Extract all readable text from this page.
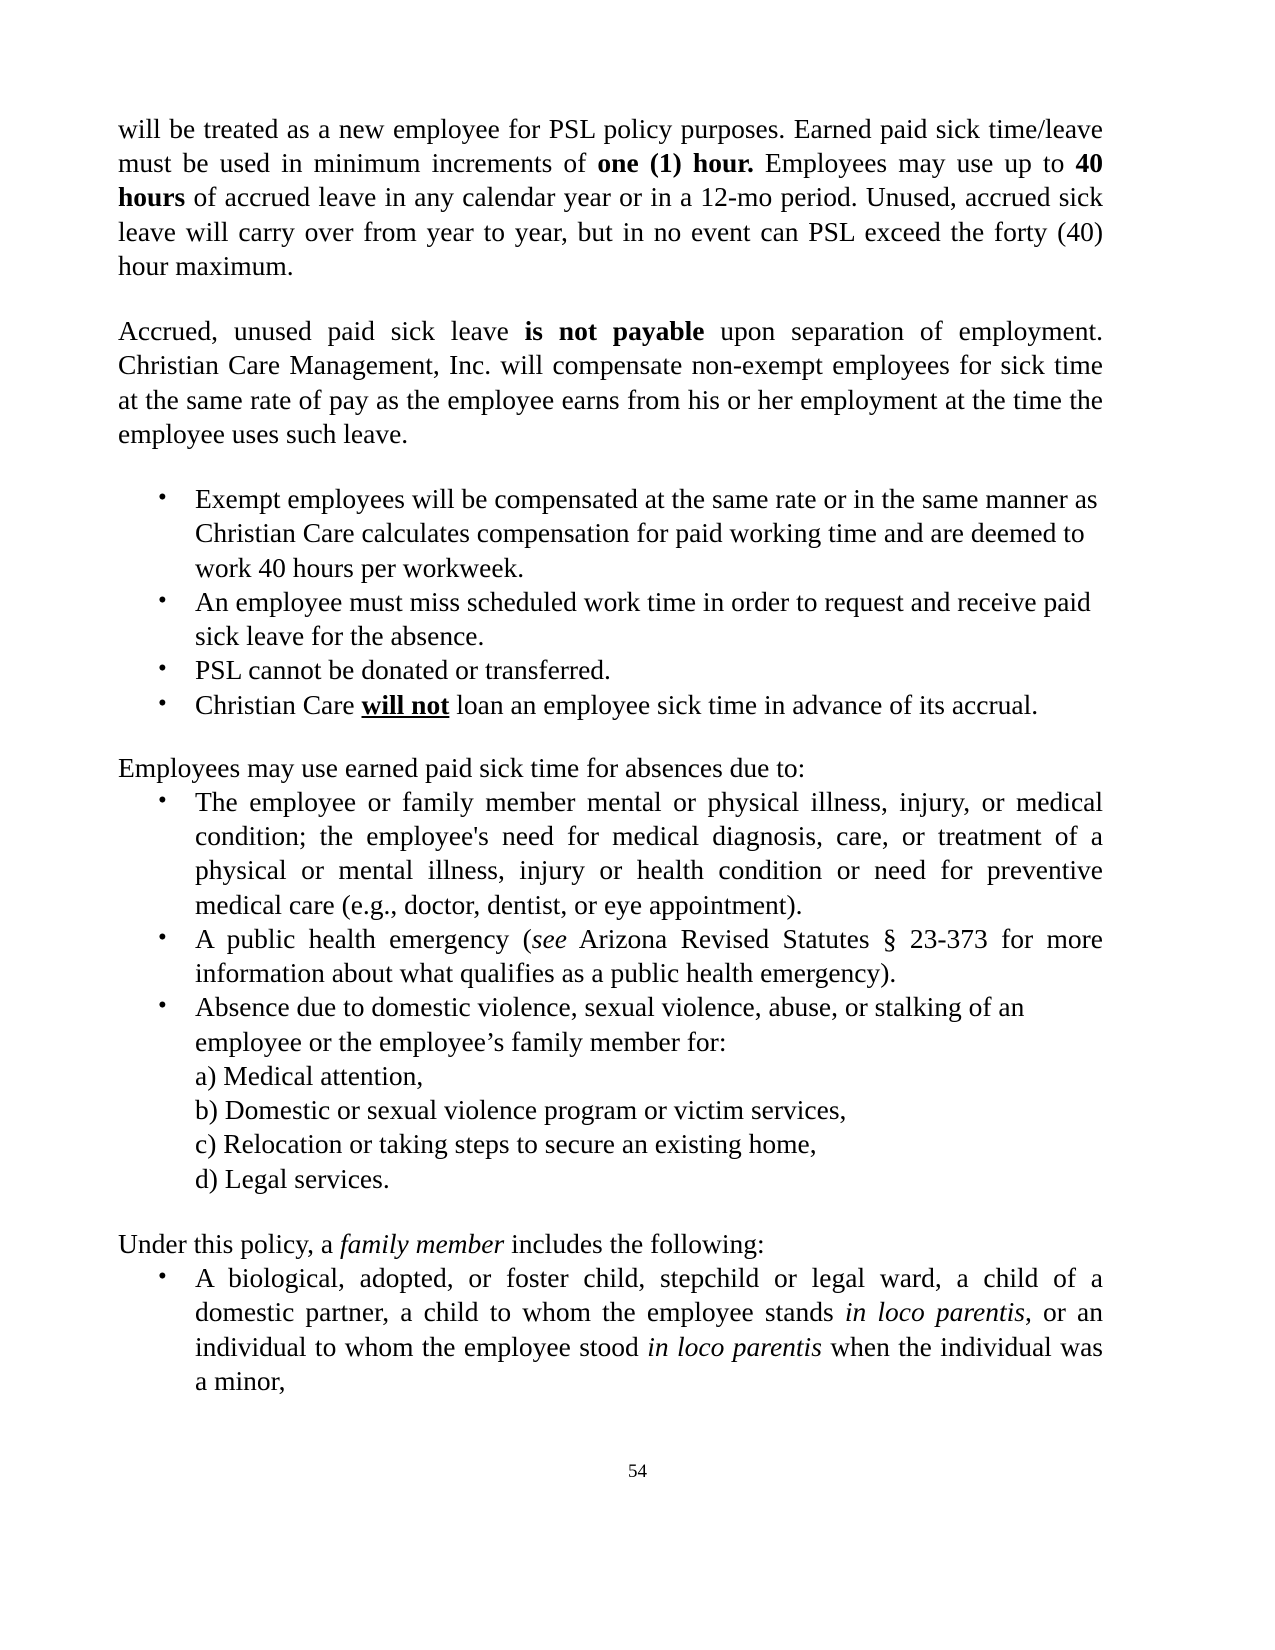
will be treated as a new employee for PSL policy purposes. Earned paid sick time/leave must be used in minimum increments of one (1) hour. Employees may use up to 40 hours of accrued leave in any calendar year or in a 12-mo period. Unused, accrued sick leave will carry over from year to year, but in no event can PSL exceed the forty (40) hour maximum.

Accrued, unused paid sick leave is not payable upon separation of employment. Christian Care Management, Inc. will compensate non-exempt employees for sick time at the same rate of pay as the employee earns from his or her employment at the time the employee uses such leave.

• Exempt employees will be compensated at the same rate or in the same manner as Christian Care calculates compensation for paid working time and are deemed to work 40 hours per workweek.
• An employee must miss scheduled work time in order to request and receive paid sick leave for the absence.
• PSL cannot be donated or transferred.
• Christian Care will not loan an employee sick time in advance of its accrual.

Employees may use earned paid sick time for absences due to:

• The employee or family member mental or physical illness, injury, or medical condition; the employee's need for medical diagnosis, care, or treatment of a physical or mental illness, injury or health condition or need for preventive medical care (e.g., doctor, dentist, or eye appointment).
• A public health emergency (see Arizona Revised Statutes § 23-373 for more information about what qualifies as a public health emergency).
• Absence due to domestic violence, sexual violence, abuse, or stalking of an employee or the employee’s family member for:
a) Medical attention,
b) Domestic or sexual violence program or victim services,
c) Relocation or taking steps to secure an existing home,
d) Legal services.

Under this policy, a family member includes the following:

• A biological, adopted, or foster child, stepchild or legal ward, a child of a domestic partner, a child to whom the employee stands in loco parentis, or an individual to whom the employee stood in loco parentis when the individual was a minor,
54
